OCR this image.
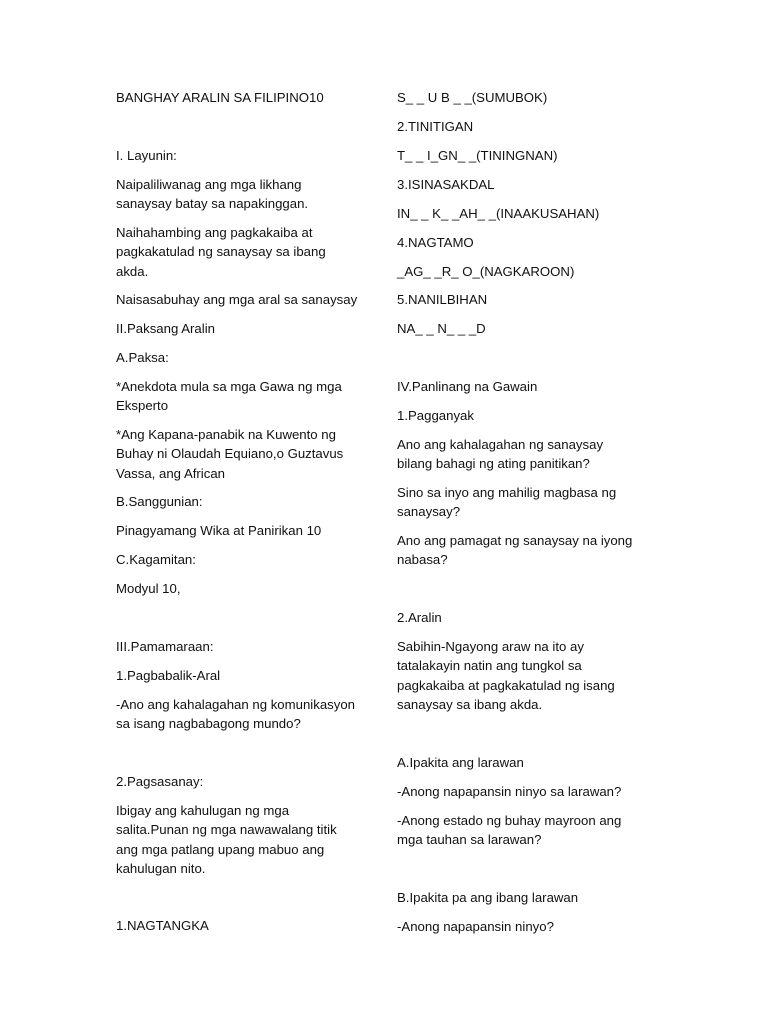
BANGHAY ARALIN SA FILIPINO10

I. Layunin:

Naipaliliwanag ang mga likhang
sanaysay batay sa napakinggan.

Naihahambing ang pagkakaiba at
pagkakatulad ng sanaysay sa ibang
akda.

Naisasabuhay ang mga aral sa sanaysay

II.Paksang Aralin

A.Paksa:

*Anekdota mula sa mga Gawa ng mga
Eksperto

*Ang Kapana-panabik na Kuwento ng
Buhay ni Olaudah Equiano,o Guztavus
Vassa, ang African

B.Sanggunian:

Pinagyamang Wika at Panirikan 10

C.Kagamitan:

Modyul 10,

III.Pamamaraan:

1.Pagbabalik-Aral

-Ano ang kahalagahan ng komunikasyon
sa isang nagbabagong mundo?

2.Pagsasanay:

Ibigay ang kahulugan ng mga
salita.Punan ng mga nawawalang titik
ang mga patlang upang mabuo ang
kahulugan nito.

1.NAGTANGKA

S_ _ U B _ _(SUMUBOK)

2.TINITIGAN

T_ _ I_GN_ _(TININGNAN)

3.ISINASAKDAL

IN_ _ K_ _AH_ _(INAAKUSAHAN)

4.NAGTAMO

_AG_ _R_ O_(NAGKAROON)

5.NANILBIHAN

NA_ _ N_ _ _D

IV.Panlinang na Gawain

1.Pagganyak

Ano ang kahalagahan ng sanaysay
bilang bahagi ng ating panitikan?

Sino sa inyo ang mahilig magbasa ng
sanaysay?

Ano ang pamagat ng sanaysay na iyong
nabasa?

2.Aralin

Sabihin-Ngayong araw na ito ay
tatalakayin natin ang tungkol sa
pagkakaiba at pagkakatulad ng isang
sanaysay sa ibang akda.

A.Ipakita ang larawan

-Anong napapansin ninyo sa larawan?

-Anong estado ng buhay mayroon ang
mga tauhan sa larawan?

B.Ipakita pa ang ibang larawan

-Anong napapansin ninyo?
